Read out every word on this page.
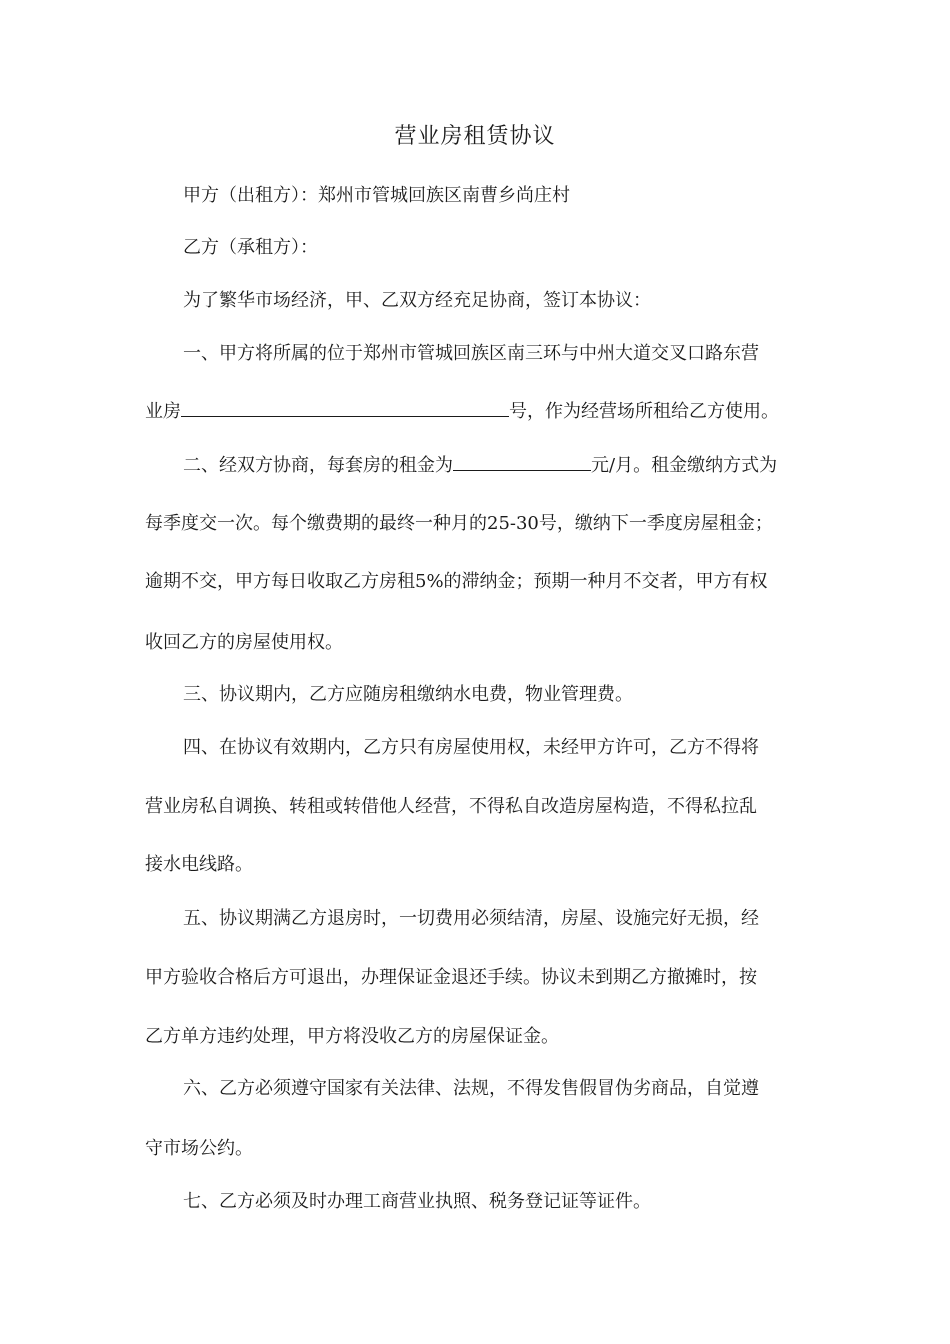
营业房租赁协议
甲方（出租方）：郑州市管城回族区南曹乡尚庄村
乙方（承租方）：
为了繁华市场经济，甲、乙双方经充足协商，签订本协议：
一、甲方将所属的位于郑州市管城回族区南三环与中州大道交叉口路东营
业房	号，作为经营场所租给乙方使用。
二、经双方协商，每套房的租金为	元/月。租金缴纳方式为
每季度交一次。每个缴费期的最终一种月的25-30号，缴纳下一季度房屋租金；
逾期不交，甲方每日收取乙方房租5%的滞纳金；预期一种月不交者，甲方有权
收回乙方的房屋使用权。
三、协议期内，乙方应随房租缴纳水电费，物业管理费。
四、在协议有效期内，乙方只有房屋使用权，未经甲方许可，乙方不得将
营业房私自调换、转租或转借他人经营，不得私自改造房屋构造，不得私拉乱
接水电线路。
五、协议期满乙方退房时，一切费用必须结清，房屋、设施完好无损，经
甲方验收合格后方可退出，办理保证金退还手续。协议未到期乙方撤摊时，按
乙方单方违约处理，甲方将没收乙方的房屋保证金。
六、乙方必须遵守国家有关法律、法规，不得发售假冒伪劣商品，自觉遵
守市场公约。
七、乙方必须及时办理工商营业执照、税务登记证等证件。
